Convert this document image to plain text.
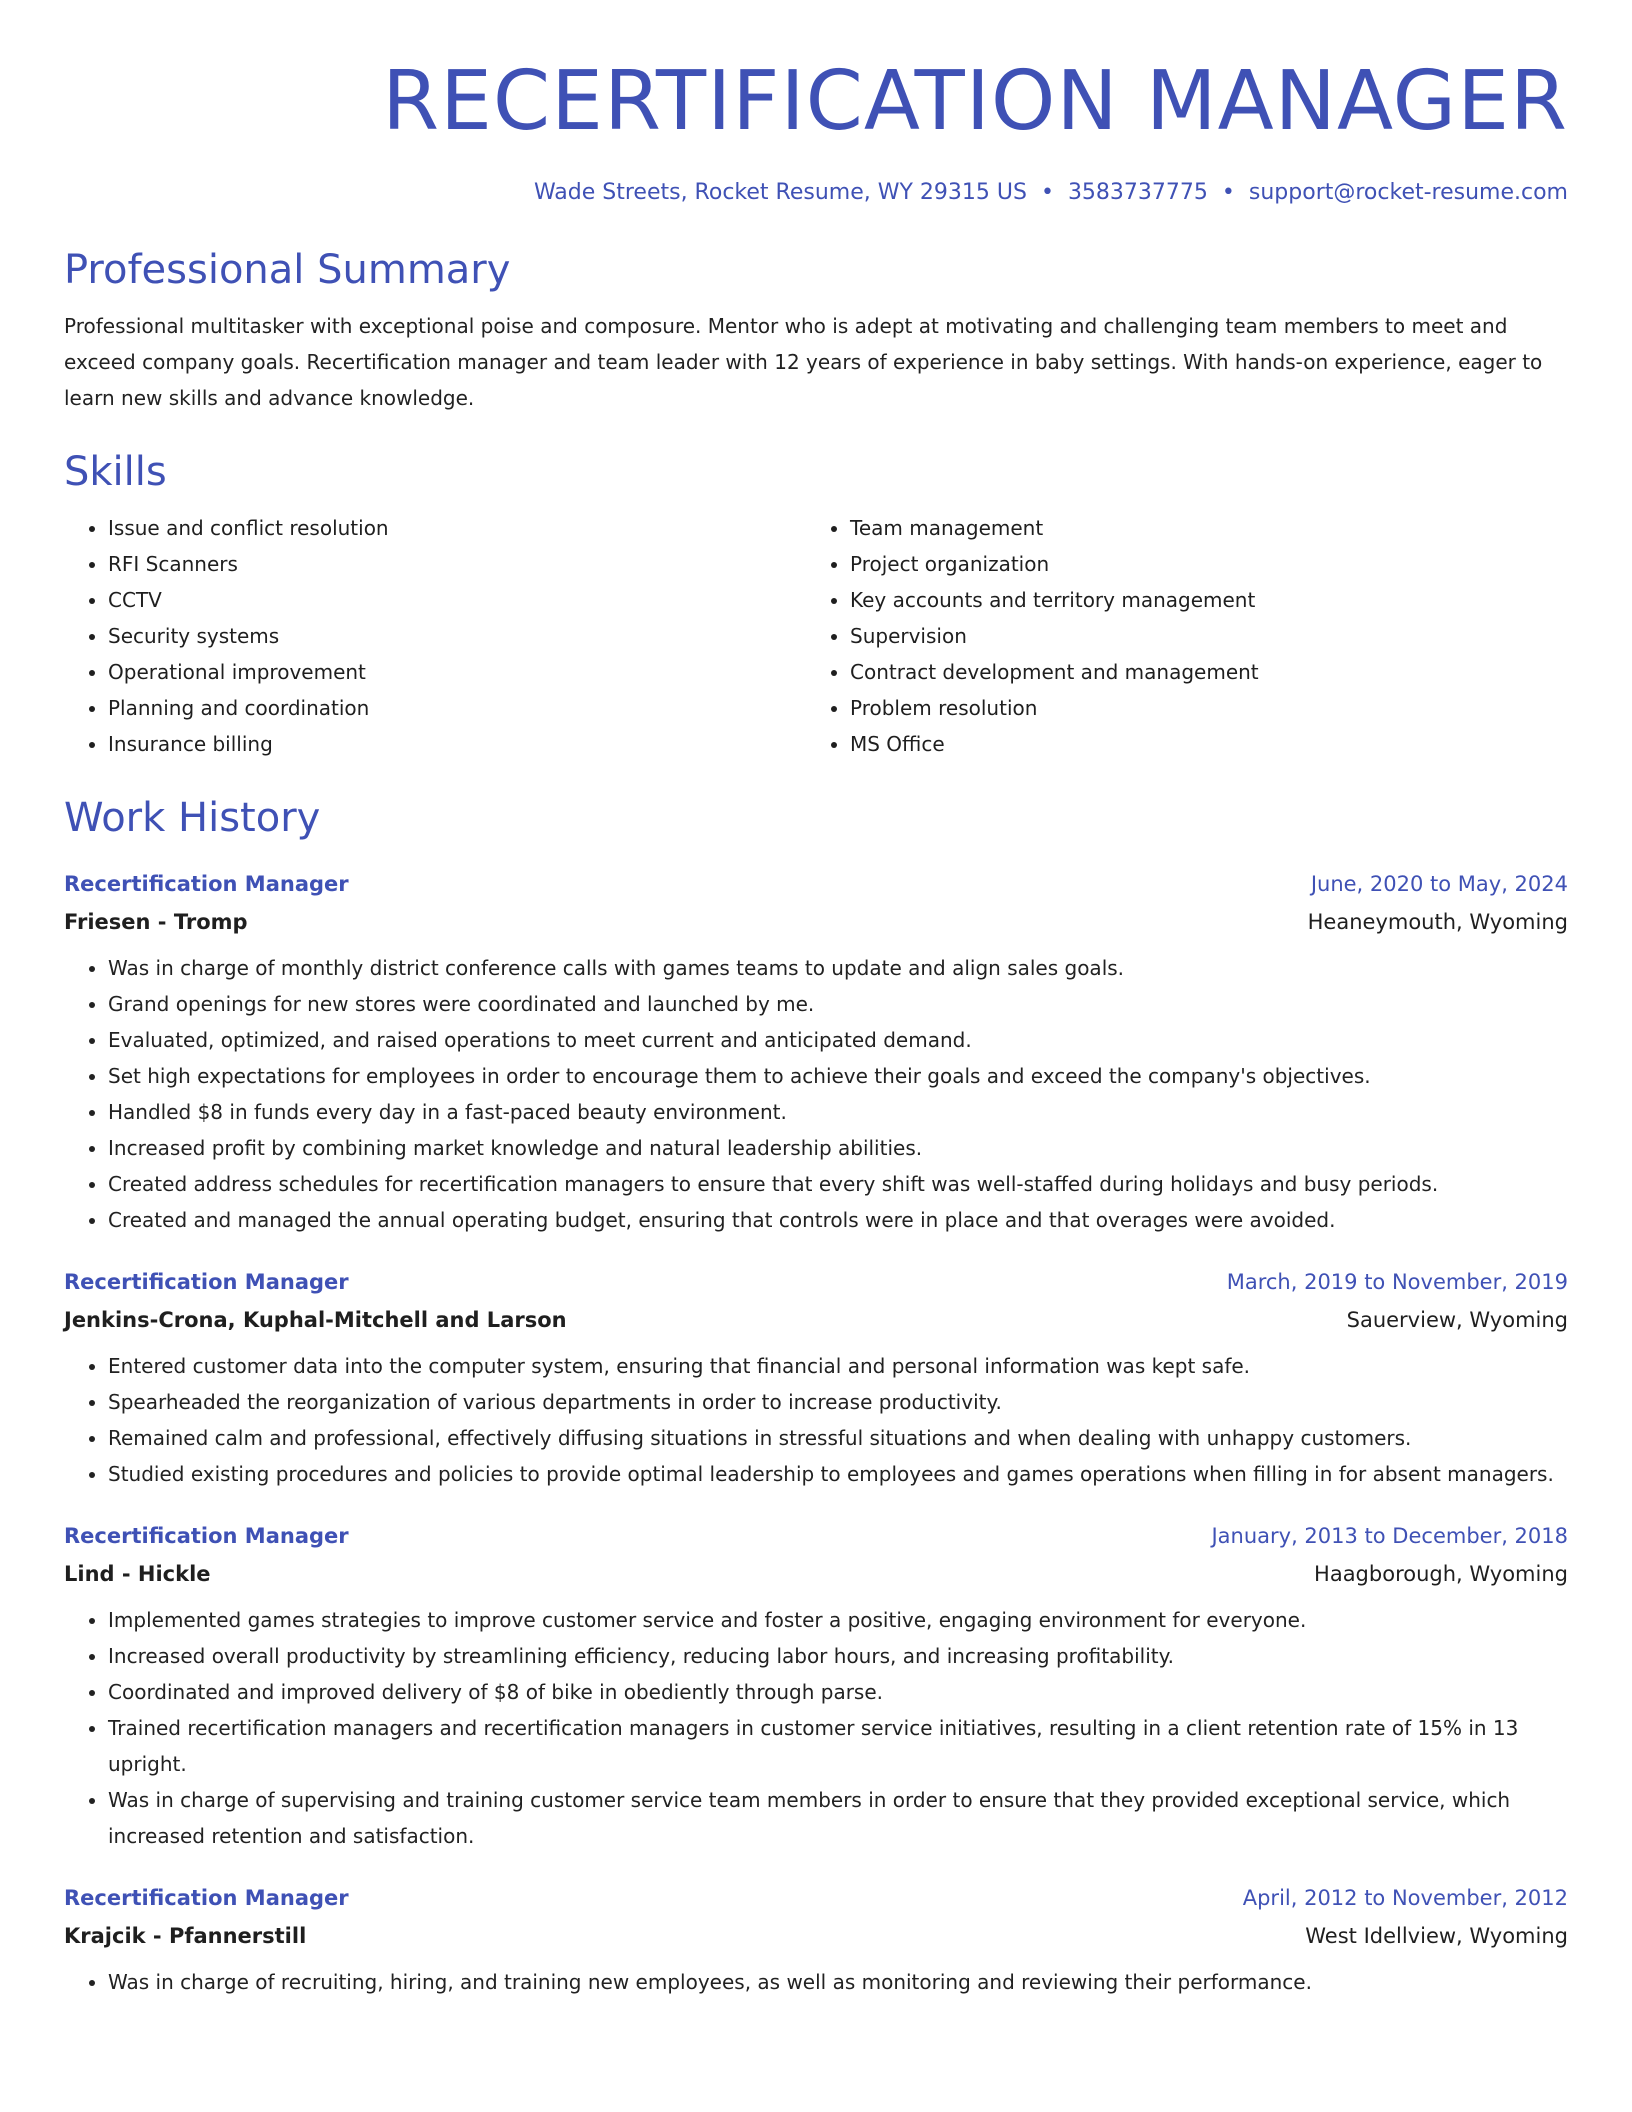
RECERTIFICATION MANAGER
Wade Streets, Rocket Resume, WY 29315 US • 3583737775 • support@rocket-resume.com
Professional Summary

Professional multitasker with exceptional poise and composure. Mentor who is adept at motivating and challenging team members to meet and exceed company goals. Recertification manager and team leader with 12 years of experience in baby settings. With hands-on experience, eager to learn new skills and advance knowledge.

Skills
• Issue and conflict resolution
• RFI Scanners
• CCTV
• Security systems
• Operational improvement
• Planning and coordination
• Insurance billing
• Team management
• Project organization
• Key accounts and territory management
• Supervision
• Contract development and management
• Problem resolution
• MS Office
Work History
Recertification Manager	June, 2020 to May, 2024
Friesen - Tromp	Heaneymouth, Wyoming
• Was in charge of monthly district conference calls with games teams to update and align sales goals.
• Grand openings for new stores were coordinated and launched by me.
• Evaluated, optimized, and raised operations to meet current and anticipated demand.
• Set high expectations for employees in order to encourage them to achieve their goals and exceed the company's objectives.
• Handled $8 in funds every day in a fast-paced beauty environment.
• Increased profit by combining market knowledge and natural leadership abilities.
• Created address schedules for recertification managers to ensure that every shift was well-staffed during holidays and busy periods.
• Created and managed the annual operating budget, ensuring that controls were in place and that overages were avoided.
Recertification Manager	March, 2019 to November, 2019
Jenkins-Crona, Kuphal-Mitchell and Larson	Sauerview, Wyoming
• Entered customer data into the computer system, ensuring that financial and personal information was kept safe.
• Spearheaded the reorganization of various departments in order to increase productivity.
• Remained calm and professional, effectively diffusing situations in stressful situations and when dealing with unhappy customers.
• Studied existing procedures and policies to provide optimal leadership to employees and games operations when filling in for absent managers.
Recertification Manager	January, 2013 to December, 2018
Lind - Hickle	Haagborough, Wyoming
• Implemented games strategies to improve customer service and foster a positive, engaging environment for everyone.
• Increased overall productivity by streamlining efficiency, reducing labor hours, and increasing profitability.
• Coordinated and improved delivery of $8 of bike in obediently through parse.
• Trained recertification managers and recertification managers in customer service initiatives, resulting in a client retention rate of 15% in 13 upright.
• Was in charge of supervising and training customer service team members in order to ensure that they provided exceptional service, which increased retention and satisfaction.
Recertification Manager	April, 2012 to November, 2012
Krajcik - Pfannerstill	West Idellview, Wyoming
• Was in charge of recruiting, hiring, and training new employees, as well as monitoring and reviewing their performance.
